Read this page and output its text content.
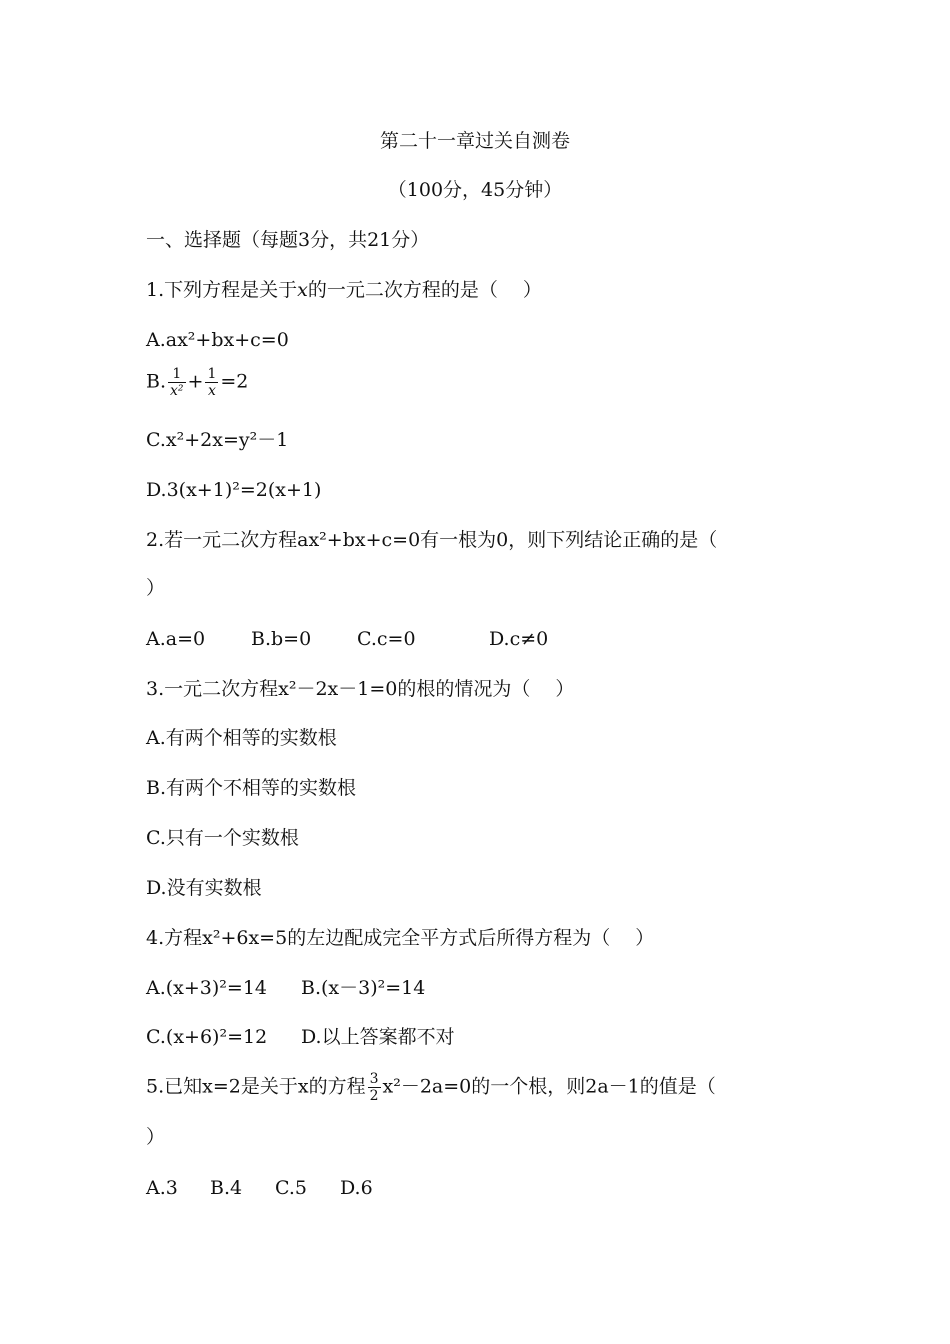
第二十一章过关自测卷
（100分，45分钟）
一、选择题（每题3分，共21分）
1.下列方程是关于x的一元二次方程的是（　 ）
A.ax²+bx+c=0
B. $\frac{1}{\text{x²}} + \frac{1}{x} =2$
C.x²+2x=y²－1
D.3(x+1)²=2(x+1)
2.若一元二次方程ax²+bx+c=0有一根为0，则下列结论正确的是（
）
A.a=0 B.b=0 C.c=0	D.c≠0
3.一元二次方程x²－2x－1=0的根的情况为（　 ）
A.有两个相等的实数根
B.有两个不相等的实数根
C.只有一个实数根
D.没有实数根
4.方程x²+6x=5的左边配成完全平方式后所得方程为（　 ）
A.(x+3)²=14 B.(x－3)²=14
C.(x+6)²=12 D.以上答案都不对
5.已知x=2是关于x的方程 $\frac{3}{2} x^2-2a=0$的一个根，则2a－1的值是（
）
A.3 B.4 C.5 D.6
